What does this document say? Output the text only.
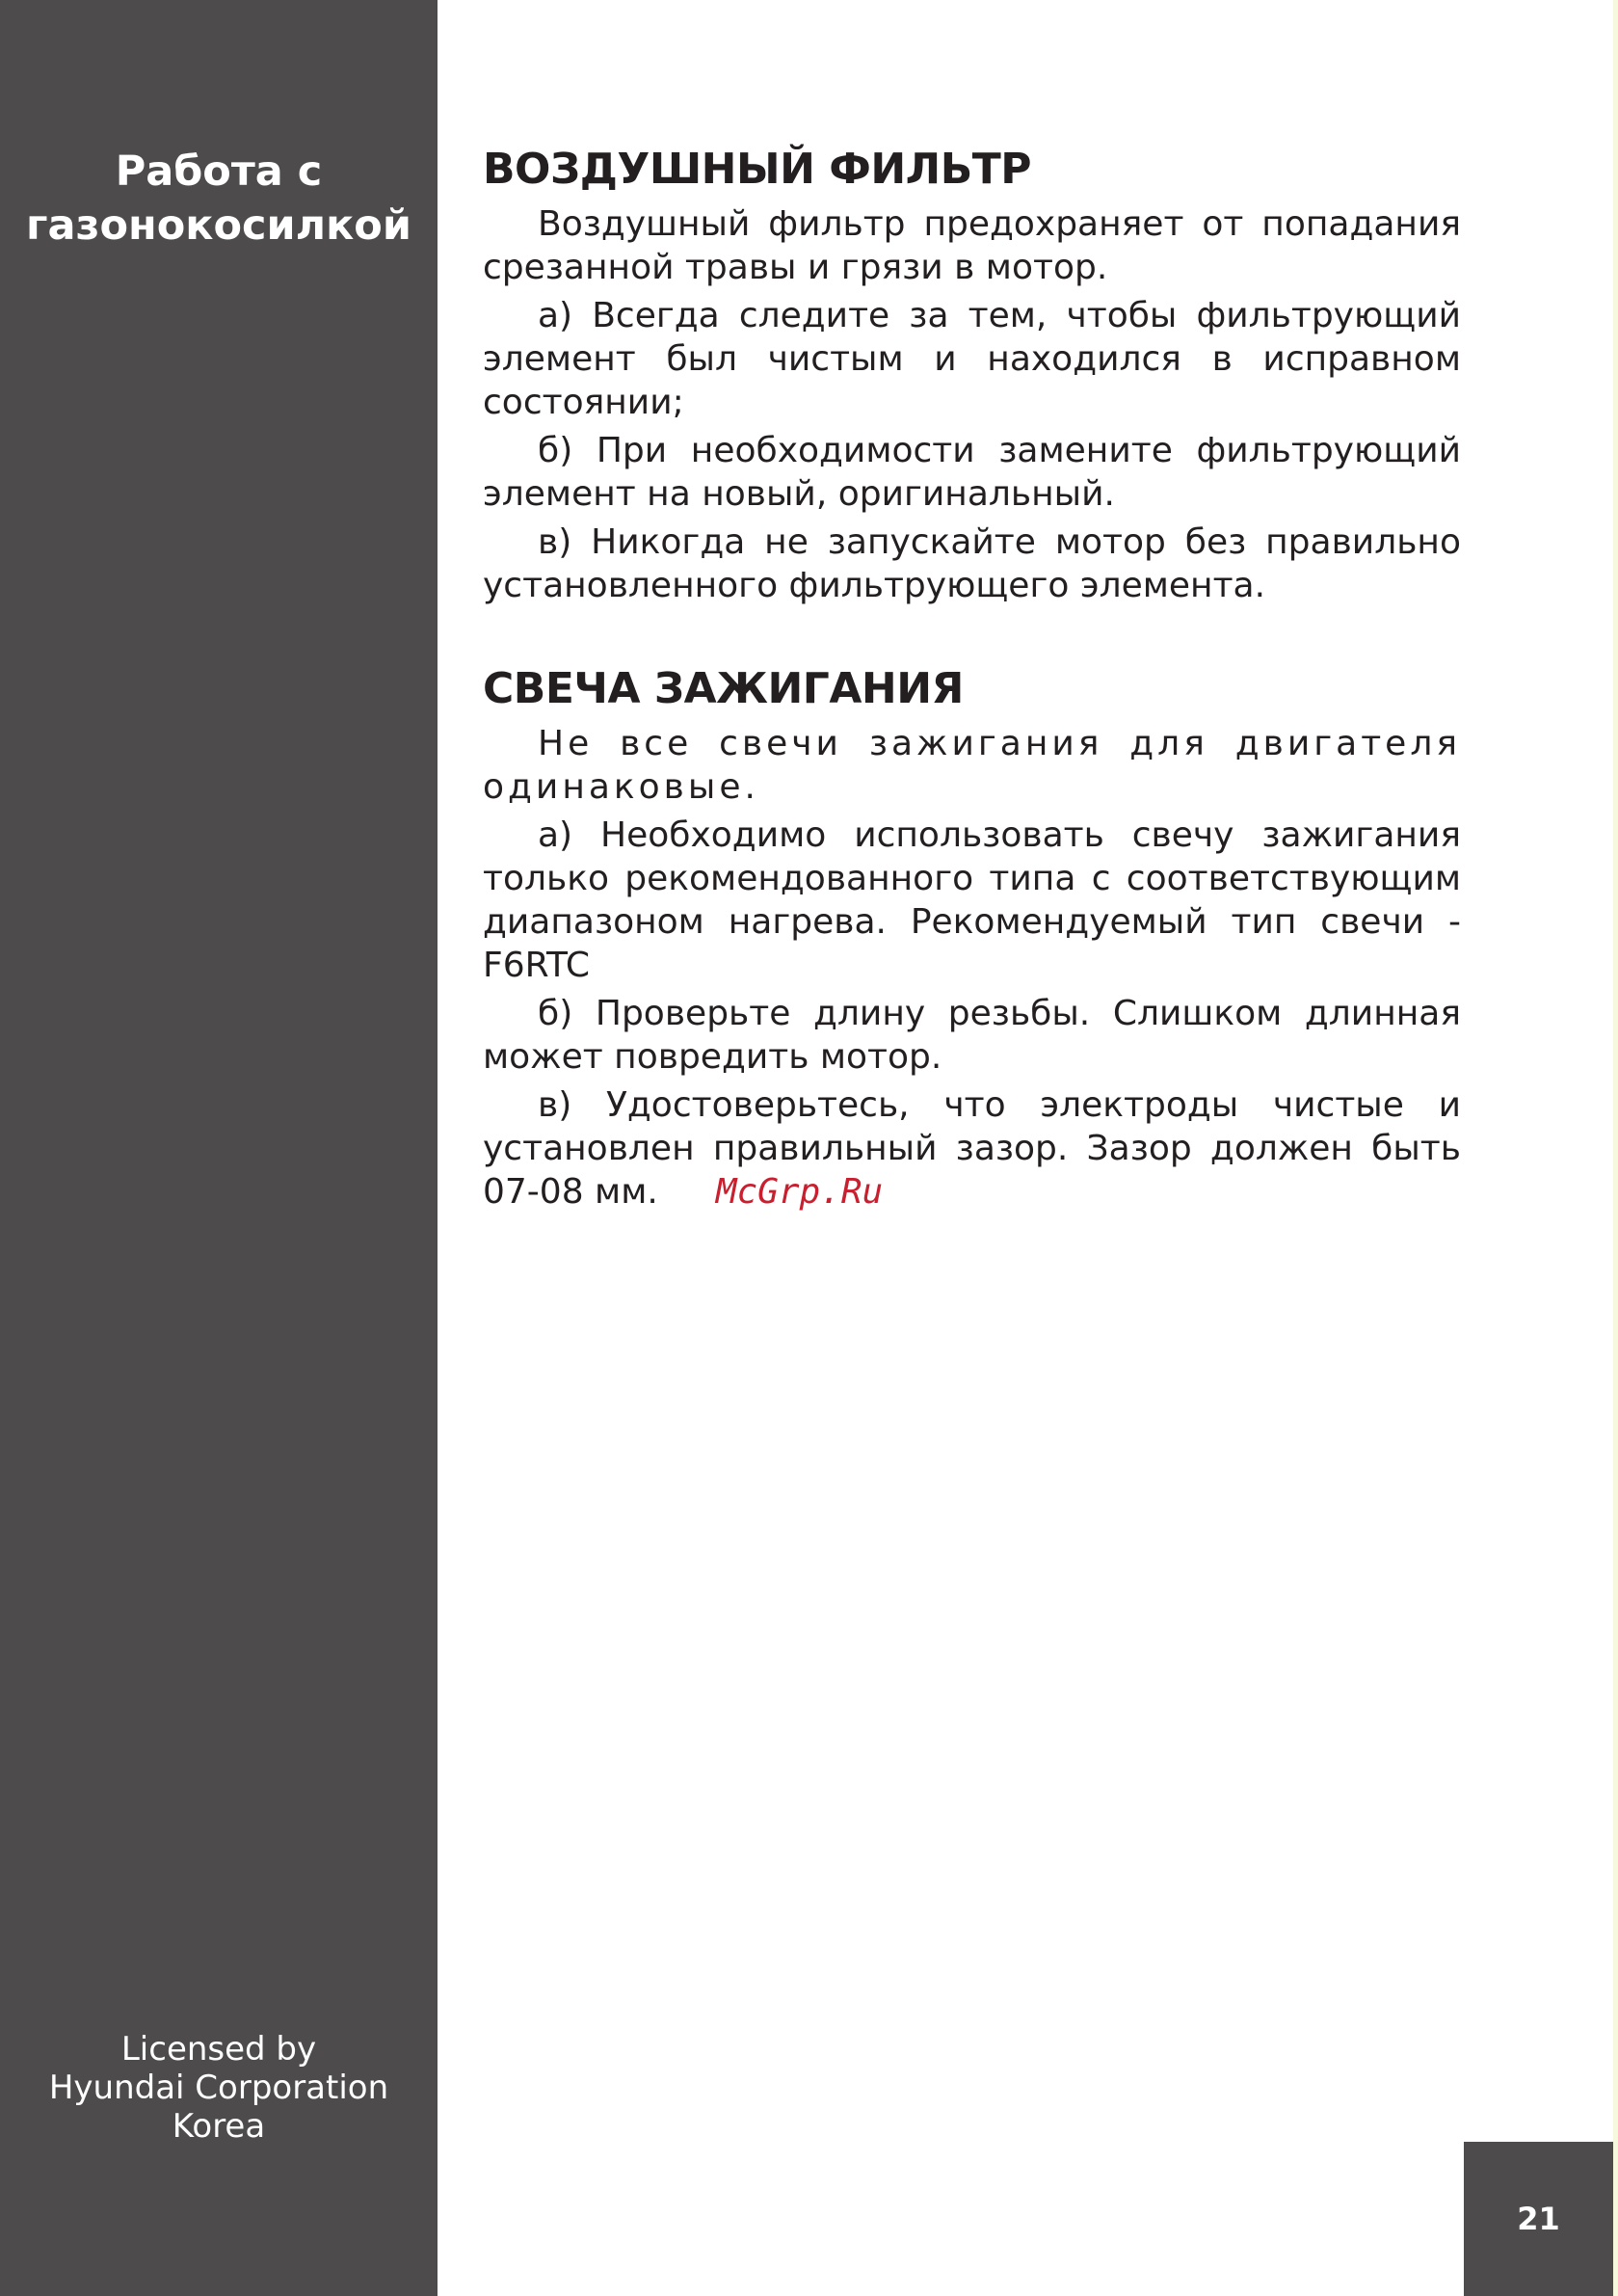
Работа с
газонокосилкой
Licensed by
Hyundai Corporation
Korea
ВОЗДУШНЫЙ ФИЛЬТР

Воздушный фильтр предохраняет от попадания срезанной травы и грязи в мотор.

а) Всегда следите за тем, чтобы фильтрующий элемент был чистым и находился в исправном состоянии;

б) При необходимости замените фильтрующий элемент на новый, оригинальный.

в) Никогда не запускайте мотор без правильно установленного фильтрующего элемента.

СВЕЧА ЗАЖИГАНИЯ

Не все свечи зажигания для двигателя одинаковые.

а) Необходимо использовать свечу зажигания только рекомендованного типа с соответствующим диапазоном нагрева. Рекомендуемый тип свечи - F6RTC

б) Проверьте длину резьбы. Слишком длинная может повредить мотор.

в) Удостоверьтесь, что электроды чистые и установлен правильный зазор. Зазор должен быть 07-08 мм. McGrp.Ru

21
